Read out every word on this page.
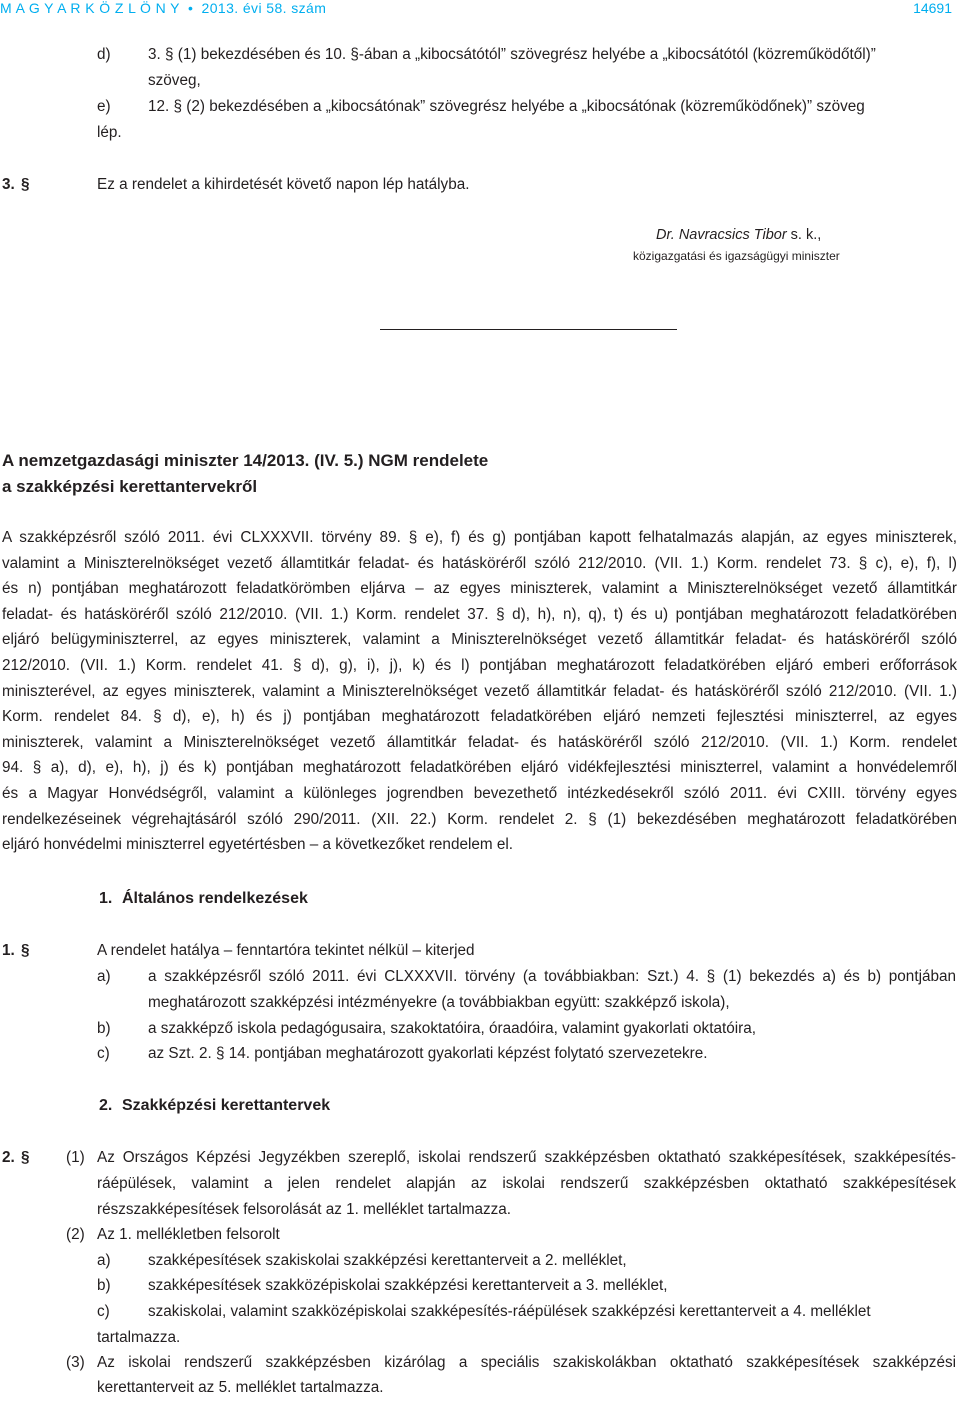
M A G Y A R K Ö Z L Ö N Y • 2013. évi 58. szám	14691
d) 3. § (1) bekezdésében és 10. §-ában a „kibocsátótól” szövegrész helyébe a „kibocsátótól (közreműködőtől)”
szöveg,
e) 12. § (2) bekezdésében a „kibocsátónak” szövegrész helyébe a „kibocsátónak (közreműködőnek)” szöveg
lép.
3. §	Ez a rendelet a kihirdetését követő napon lép hatályba.
Dr. Navracsics Tibor s. k.,
közigazgatási és igazságügyi miniszter
A nemzetgazdasági miniszter 14/2013. (IV. 5.) NGM rendelete
a szakképzési kerettantervekről
A szakképzésről szóló 2011. évi CLXXXVII. törvény 89. § e), f) és g) pontjában kapott felhatalmazás alapján, az egyes miniszterek,
valamint a Miniszterelnökséget vezető államtitkár feladat- és hatásköréről szóló 212/2010. (VII. 1.) Korm. rendelet 73. § c), e), f), l)
és n) pontjában meghatározott feladatkörömben eljárva – az egyes miniszterek, valamint a Miniszterelnökséget vezető államtitkár
feladat- és hatásköréről szóló 212/2010. (VII. 1.) Korm. rendelet 37. § d), h), n), q), t) és u) pontjában meghatározott feladatkörében
eljáró belügyminiszterrel, az egyes miniszterek, valamint a Miniszterelnökséget vezető államtitkár feladat- és hatásköréről szóló
212/2010. (VII. 1.) Korm. rendelet 41. § d), g), i), j), k) és l) pontjában meghatározott feladatkörében eljáró emberi erőforrások
miniszterével, az egyes miniszterek, valamint a Miniszterelnökséget vezető államtitkár feladat- és hatásköréről szóló 212/2010. (VII. 1.)
Korm. rendelet 84. § d), e), h) és j) pontjában meghatározott feladatkörében eljáró nemzeti fejlesztési miniszterrel, az egyes
miniszterek, valamint a Miniszterelnökséget vezető államtitkár feladat- és hatásköréről szóló 212/2010. (VII. 1.) Korm. rendelet
94. § a), d), e), h), j) és k) pontjában meghatározott feladatkörében eljáró vidékfejlesztési miniszterrel, valamint a honvédelemről
és a Magyar Honvédségről, valamint a különleges jogrendben bevezethető intézkedésekről szóló 2011. évi CXIII. törvény egyes
rendelkezéseinek végrehajtásáról szóló 290/2011. (XII. 22.) Korm. rendelet 2. § (1) bekezdésében meghatározott feladatkörében
eljáró honvédelmi miniszterrel egyetértésben – a következőket rendelem el.
1. Általános rendelkezések
1. §	A rendelet hatálya – fenntartóra tekintet nélkül – kiterjed
a) a szakképzésről szóló 2011. évi CLXXXVII. törvény (a továbbiakban: Szt.) 4. § (1) bekezdés a) és b) pontjában
meghatározott szakképzési intézményekre (a továbbiakban együtt: szakképző iskola),
b) a szakképző iskola pedagógusaira, szakoktatóira, óraadóira, valamint gyakorlati oktatóira,
c)	az Szt. 2. § 14. pontjában meghatározott gyakorlati képzést folytató szervezetekre.
2. Szakképzési kerettantervek
2. § (1) Az Országos Képzési Jegyzékben szereplő, iskolai rendszerű szakképzésben oktatható szakképesítések, szakképesítés-
ráépülések, valamint a jelen rendelet alapján az iskolai rendszerű szakképzésben oktatható szakképesítések
részszakképesítések felsorolását az 1. melléklet tartalmazza.
(2) Az 1. mellékletben felsorolt
a) szakképesítések szakiskolai szakképzési kerettanterveit a 2. melléklet,
b) szakképesítések szakközépiskolai szakképzési kerettanterveit a 3. melléklet,
c)	szakiskolai, valamint szakközépiskolai szakképesítés-ráépülések szakképzési kerettanterveit a 4. melléklet
tartalmazza.
(3) Az iskolai rendszerű szakképzésben kizárólag a speciális szakiskolákban oktatható szakképesítések szakképzési
kerettanterveit az 5. melléklet tartalmazza.
